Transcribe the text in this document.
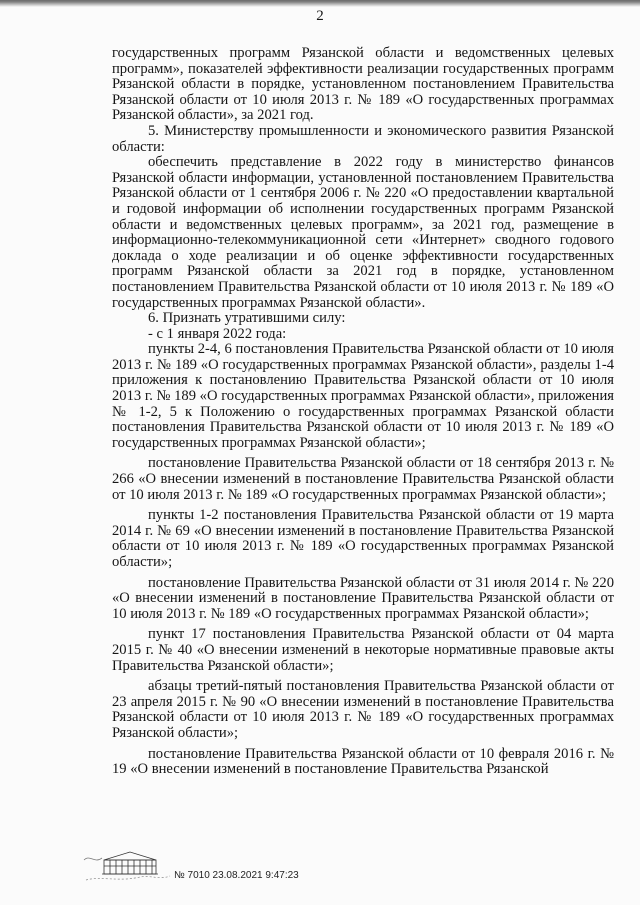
2

государственных программ Рязанской области и ведомственных целевых программ», показателей эффективности реализации государственных программ Рязанской области в порядке, установленном постановлением Правительства Рязанской области от 10 июля 2013 г. № 189 «О государственных программах Рязанской области», за 2021 год.

5. Министерству промышленности и экономического развития Рязанской области:

обеспечить представление в 2022 году в министерство финансов Рязанской области информации, установленной постановлением Правительства Рязанской области от 1 сентября 2006 г. № 220 «О предоставлении квартальной и годовой информации об исполнении государственных программ Рязанской области и ведомственных целевых программ», за 2021 год, размещение в информационно-телекоммуникационной сети «Интернет» сводного годового доклада о ходе реализации и об оценке эффективности государственных программ Рязанской области за 2021 год в порядке, установленном постановлением Правительства Рязанской области от 10 июля 2013 г. № 189 «О государственных программах Рязанской области».

6. Признать утратившими силу:

- с 1 января 2022 года:

пункты 2-4, 6 постановления Правительства Рязанской области от 10 июля 2013 г. № 189 «О государственных программах Рязанской области», разделы 1-4 приложения к постановлению Правительства Рязанской области от 10 июля 2013 г. № 189 «О государственных программах Рязанской области», приложения № 1-2, 5 к Положению о государственных программах Рязанской области постановления Правительства Рязанской области от 10 июля 2013 г. № 189 «О государственных программах Рязанской области»;

постановление Правительства Рязанской области от 18 сентября 2013 г. № 266 «О внесении изменений в постановление Правительства Рязанской области от 10 июля 2013 г. № 189 «О государственных программах Рязанской области»;

пункты 1-2 постановления Правительства Рязанской области от 19 марта 2014 г. № 69 «О внесении изменений в постановление Правительства Рязанской области от 10 июля 2013 г. № 189 «О государственных программах Рязанской области»;

постановление Правительства Рязанской области от 31 июля 2014 г. № 220 «О внесении изменений в постановление Правительства Рязанской области от 10 июля 2013 г. № 189 «О государственных программах Рязанской области»;

пункт 17 постановления Правительства Рязанской области от 04 марта 2015 г. № 40 «О внесении изменений в некоторые нормативные правовые акты Правительства Рязанской области»;

абзацы третий-пятый постановления Правительства Рязанской области от 23 апреля 2015 г. № 90 «О внесении изменений в постановление Правительства Рязанской области от 10 июля 2013 г. № 189 «О государственных программах Рязанской области»;

постановление Правительства Рязанской области от 10 февраля 2016 г. № 19 «О внесении изменений в постановление Правительства Рязанской

№ 7010 23.08.2021 9:47:23
